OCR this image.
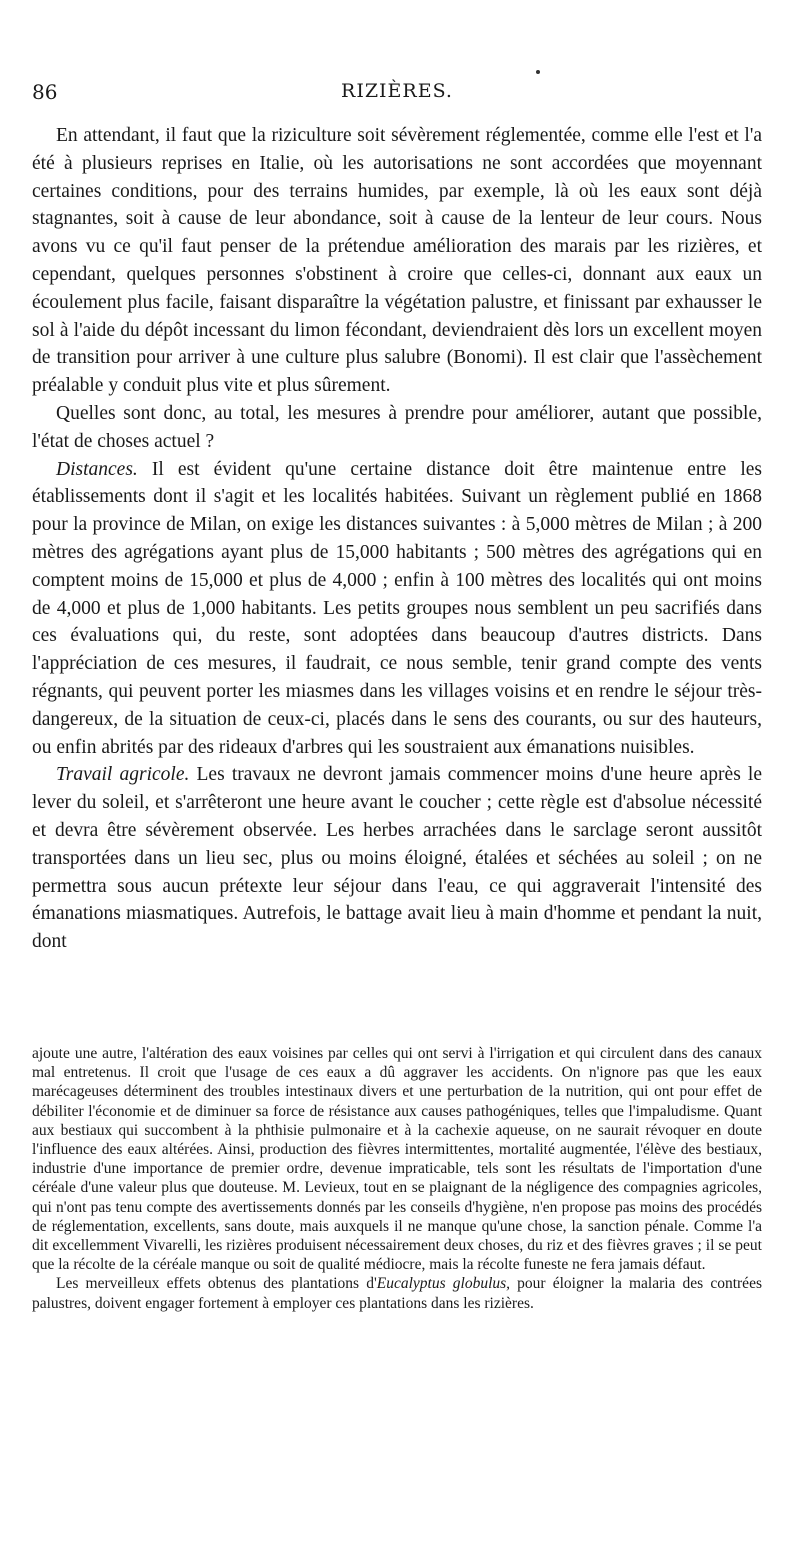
86	RIZIÈRES.

En attendant, il faut que la riziculture soit sévèrement réglementée, comme elle l'est et l'a été à plusieurs reprises en Italie, où les autorisations ne sont accordées que moyennant certaines conditions, pour des terrains humides, par exemple, là où les eaux sont déjà stagnantes, soit à cause de leur abondance, soit à cause de la lenteur de leur cours. Nous avons vu ce qu'il faut penser de la prétendue amélioration des marais par les rizières, et cependant, quelques personnes s'obstinent à croire que celles-ci, donnant aux eaux un écoulement plus facile, faisant disparaître la végétation palustre, et finissant par exhausser le sol à l'aide du dépôt incessant du limon fécondant, deviendraient dès lors un excellent moyen de transition pour arriver à une culture plus salubre (Bonomi). Il est clair que l'assèchement préalable y conduit plus vite et plus sûrement.

Quelles sont donc, au total, les mesures à prendre pour améliorer, autant que possible, l'état de choses actuel ?

Distances. Il est évident qu'une certaine distance doit être maintenue entre les établissements dont il s'agit et les localités habitées. Suivant un règlement publié en 1868 pour la province de Milan, on exige les distances suivantes : à 5,000 mètres de Milan ; à 200 mètres des agrégations ayant plus de 15,000 habitants ; 500 mètres des agrégations qui en comptent moins de 15,000 et plus de 4,000 ; enfin à 100 mètres des localités qui ont moins de 4,000 et plus de 1,000 habitants. Les petits groupes nous semblent un peu sacrifiés dans ces évaluations qui, du reste, sont adoptées dans beaucoup d'autres districts. Dans l'appréciation de ces mesures, il faudrait, ce nous semble, tenir grand compte des vents régnants, qui peuvent porter les miasmes dans les villages voisins et en rendre le séjour très-dangereux, de la situation de ceux-ci, placés dans le sens des courants, ou sur des hauteurs, ou enfin abrités par des rideaux d'arbres qui les soustraient aux émanations nuisibles.

Travail agricole. Les travaux ne devront jamais commencer moins d'une heure après le lever du soleil, et s'arrêteront une heure avant le coucher ; cette règle est d'absolue nécessité et devra être sévèrement observée. Les herbes arrachées dans le sarclage seront aussitôt transportées dans un lieu sec, plus ou moins éloigné, étalées et séchées au soleil ; on ne permettra sous aucun prétexte leur séjour dans l'eau, ce qui aggraverait l'intensité des émanations miasmatiques. Autrefois, le battage avait lieu à main d'homme et pendant la nuit, dont

ajoute une autre, l'altération des eaux voisines par celles qui ont servi à l'irrigation et qui circulent dans des canaux mal entretenus. Il croit que l'usage de ces eaux a dû aggraver les accidents. On n'ignore pas que les eaux marécageuses déterminent des troubles intestinaux divers et une perturbation de la nutrition, qui ont pour effet de débiliter l'économie et de diminuer sa force de résistance aux causes pathogéniques, telles que l'impaludisme. Quant aux bestiaux qui succombent à la phthisie pulmonaire et à la cachexie aqueuse, on ne saurait révoquer en doute l'influence des eaux altérées. Ainsi, production des fièvres intermittentes, mortalité augmentée, l'élève des bestiaux, industrie d'une importance de premier ordre, devenue impraticable, tels sont les résultats de l'importation d'une céréale d'une valeur plus que douteuse. M. Levieux, tout en se plaignant de la négligence des compagnies agricoles, qui n'ont pas tenu compte des avertissements donnés par les conseils d'hygiène, n'en propose pas moins des procédés de réglementation, excellents, sans doute, mais auxquels il ne manque qu'une chose, la sanction pénale. Comme l'a dit excellemment Vivarelli, les rizières produisent nécessairement deux choses, du riz et des fièvres graves ; il se peut que la récolte de la céréale manque ou soit de qualité médiocre, mais la récolte funeste ne fera jamais défaut.

Les merveilleux effets obtenus des plantations d'Eucalyptus globulus, pour éloigner la malaria des contrées palustres, doivent engager fortement à employer ces plantations dans les rizières.
